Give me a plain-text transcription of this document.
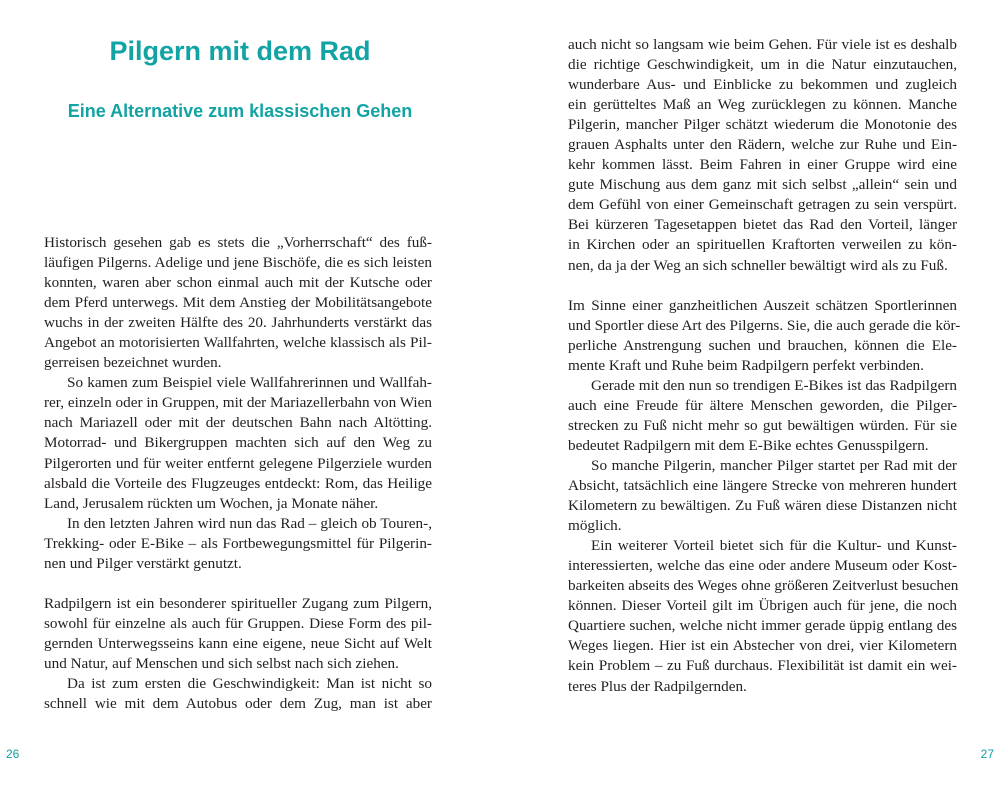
Pilgern mit dem Rad
Eine Alternative zum klassischen Gehen
Historisch gesehen gab es stets die „Vorherrschaft“ des fuß-
läufigen Pilgerns. Adelige und jene Bischöfe, die es sich leisten
konnten, waren aber schon einmal auch mit der Kutsche oder
dem Pferd unterwegs. Mit dem Anstieg der Mobilitätsangebote
wuchs in der zweiten Hälfte des 20. Jahrhunderts verstärkt das
Angebot an motorisierten Wallfahrten, welche klassisch als Pil-
gerreisen bezeichnet wurden.
So kamen zum Beispiel viele Wallfahrerinnen und Wallfah-
rer, einzeln oder in Gruppen, mit der Mariazellerbahn von Wien
nach Mariazell oder mit der deutschen Bahn nach Altötting.
Motorrad- und Bikergruppen machten sich auf den Weg zu
Pilgerorten und für weiter entfernt gelegene Pilgerziele wurden
alsbald die Vorteile des Flugzeuges entdeckt: Rom, das Heilige
Land, Jerusalem rückten um Wochen, ja Monate näher.
In den letzten Jahren wird nun das Rad – gleich ob Touren-,
Trekking- oder E-Bike – als Fortbewegungsmittel für Pilgerin-
nen und Pilger verstärkt genutzt.
Radpilgern ist ein besonderer spiritueller Zugang zum Pilgern,
sowohl für einzelne als auch für Gruppen. Diese Form des pil-
gernden Unterwegsseins kann eine eigene, neue Sicht auf Welt
und Natur, auf Menschen und sich selbst nach sich ziehen.
Da ist zum ersten die Geschwindigkeit: Man ist nicht so
schnell wie mit dem Autobus oder dem Zug, man ist aber
26
auch nicht so langsam wie beim Gehen. Für viele ist es deshalb
die richtige Geschwindigkeit, um in die Natur einzutauchen,
wunderbare Aus- und Einblicke zu bekommen und zugleich
ein gerütteltes Maß an Weg zurücklegen zu können. Manche
Pilgerin, mancher Pilger schätzt wiederum die Monotonie des
grauen Asphalts unter den Rädern, welche zur Ruhe und Ein-
kehr kommen lässt. Beim Fahren in einer Gruppe wird eine
gute Mischung aus dem ganz mit sich selbst „allein“ sein und
dem Gefühl von einer Gemeinschaft getragen zu sein verspürt.
Bei kürzeren Tagesetappen bietet das Rad den Vorteil, länger
in Kirchen oder an spirituellen Kraftorten verweilen zu kön-
nen, da ja der Weg an sich schneller bewältigt wird als zu Fuß.
Im Sinne einer ganzheitlichen Auszeit schätzen Sportlerinnen
und Sportler diese Art des Pilgerns. Sie, die auch gerade die kör-
perliche Anstrengung suchen und brauchen, können die Ele-
mente Kraft und Ruhe beim Radpilgern perfekt verbinden.
Gerade mit den nun so trendigen E-Bikes ist das Radpilgern
auch eine Freude für ältere Menschen geworden, die Pilger-
strecken zu Fuß nicht mehr so gut bewältigen würden. Für sie
bedeutet Radpilgern mit dem E-Bike echtes Genusspilgern.
So manche Pilgerin, mancher Pilger startet per Rad mit der
Absicht, tatsächlich eine längere Strecke von mehreren hundert
Kilometern zu bewältigen. Zu Fuß wären diese Distanzen nicht
möglich.
Ein weiterer Vorteil bietet sich für die Kultur- und Kunst-
interessierten, welche das eine oder andere Museum oder Kost-
barkeiten abseits des Weges ohne größeren Zeitverlust besuchen
können. Dieser Vorteil gilt im Übrigen auch für jene, die noch
Quartiere suchen, welche nicht immer gerade üppig entlang des
Weges liegen. Hier ist ein Abstecher von drei, vier Kilometern
kein Problem – zu Fuß durchaus. Flexibilität ist damit ein wei-
teres Plus der Radpilgernden.
27
